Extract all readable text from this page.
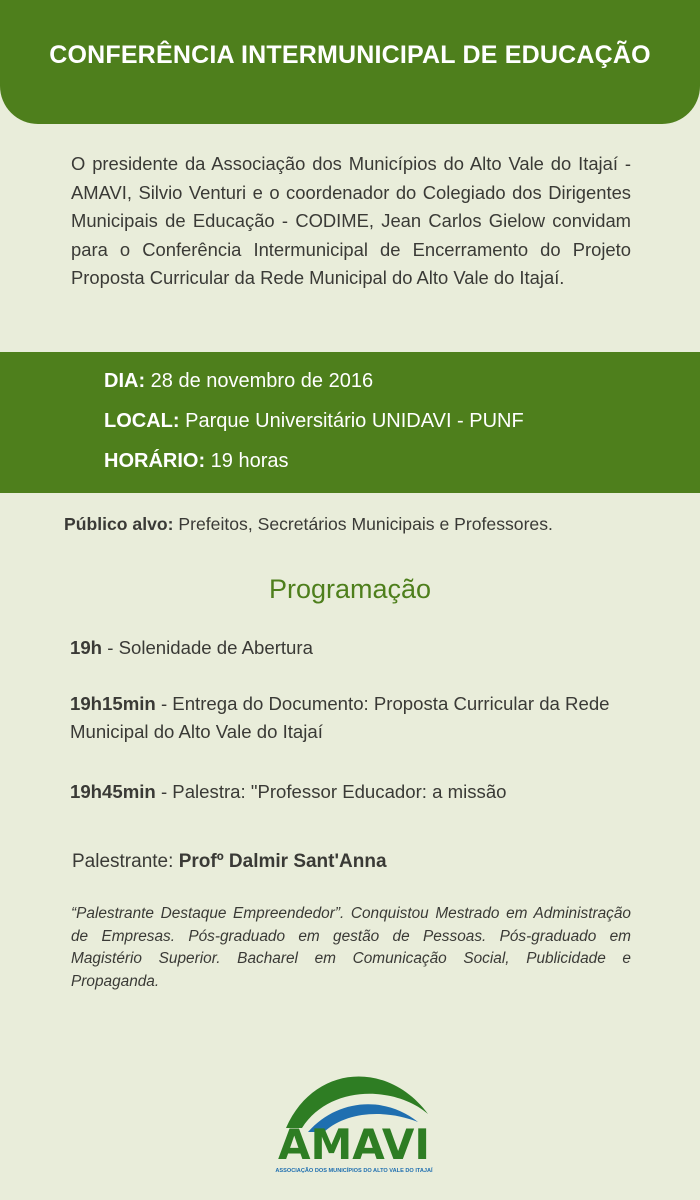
CONFERÊNCIA INTERMUNICIPAL DE EDUCAÇÃO
O presidente da Associação dos Municípios do Alto Vale do Itajaí - AMAVI, Silvio Venturi e o coordenador do Colegiado dos Dirigentes Municipais de Educação - CODIME, Jean Carlos Gielow convidam para o Conferência Intermunicipal de Encerramento do Projeto Proposta Curricular da Rede Municipal do Alto Vale do Itajaí.
DIA: 28 de novembro de 2016
LOCAL: Parque Universitário UNIDAVI - PUNF
HORÁRIO: 19 horas
Público alvo: Prefeitos, Secretários Municipais e Professores.
Programação
19h - Solenidade de Abertura
19h15min - Entrega do Documento: Proposta Curricular da Rede Municipal do Alto Vale do Itajaí
19h45min - Palestra: "Professor Educador: a missão
Palestrante: Profº Dalmir Sant'Anna
“Palestrante Destaque Empreendedor”. Conquistou Mestrado em Administração de Empresas. Pós-graduado em gestão de Pessoas. Pós-graduado em Magistério Superior. Bacharel em Comunicação Social, Publicidade e Propaganda.
AMAVI
ASSOCIAÇÃO DOS MUNICÍPIOS DO ALTO VALE DO ITAJAÍ
